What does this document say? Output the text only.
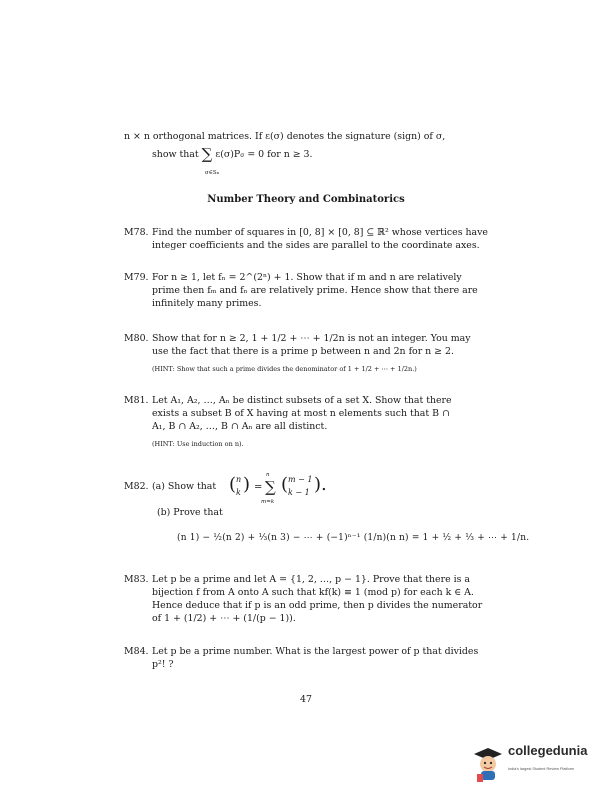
n × n orthogonal matrices. If ε(σ) denotes the signature (sign) of σ,
show that ∑ ε(σ)Pσ = 0 for n ≥ 3.
σ∈Sn
Number Theory and Combinatorics
M78. Find the number of squares in [0, 8] × [0, 8] ⊆ ℝ² whose vertices have
integer coefficients and the sides are parallel to the coordinate axes.
M79. For n ≥ 1, let fₙ = 2^(2ⁿ) + 1. Show that if m and n are relatively
prime then fₘ and fₙ are relatively prime. Hence show that there are
infinitely many primes.
M80. Show that for n ≥ 2, 1 + 1/2 + ⋯ + 1/2n is not an integer. You may
use the fact that there is a prime p between n and 2n for n ≥ 2.
(HINT: Show that such a prime divides the denominator of 1 + 1/2 + ⋯ + 1/2n.)
M81. Let A₁, A₂, …, Aₙ be distinct subsets of a set X. Show that there
exists a subset B of X having at most n elements such that B ∩
A₁, B ∩ A₂, …, B ∩ Aₙ are all distinct.
(HINT: Use induction on n).
M82. (a) Show that ( n
k ) =
n
∑
m=k
( m − 1
k − 1 ).
(b) Prove that
(n 1) − ½(n 2) + ⅓(n 3) − ⋯ + (−1)ⁿ⁻¹ (1/n)(n n) = 1 + ½ + ⅓ + ⋯ + 1/n.
M83. Let p be a prime and let A = {1, 2, …, p − 1}. Prove that there is a
bijection f from A onto A such that kf(k) ≡ 1 (mod p) for each k ∈ A.
Hence deduce that if p is an odd prime, then p divides the numerator
of 1 + (1/2) + ⋯ + (1/(p − 1)).
M84. Let p be a prime number. What is the largest power of p that divides
p²! ?
47
collegedunia
India's largest Student Review Platform
